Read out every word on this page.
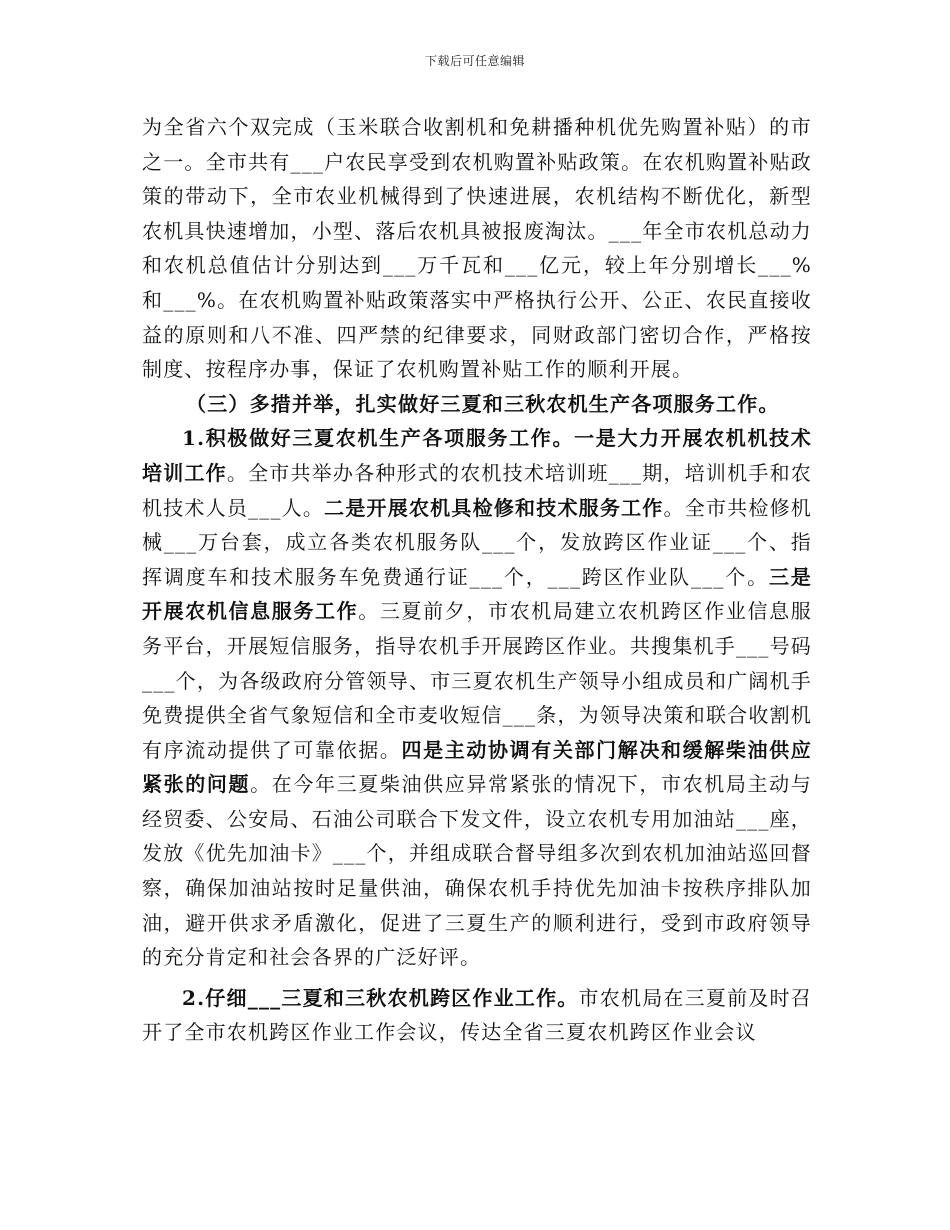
下载后可任意编辑

为全省六个双完成（玉米联合收割机和免耕播种机优先购置补贴）的市之一。全市共有___户农民享受到农机购置补贴政策。在农机购置补贴政策的带动下，全市农业机械得到了快速进展，农机结构不断优化，新型农机具快速增加，小型、落后农机具被报废淘汰。___年全市农机总动力和农机总值估计分别达到___万千瓦和___亿元，较上年分别增长___%和___%。在农机购置补贴政策落实中严格执行公开、公正、农民直接收益的原则和八不准、四严禁的纪律要求，同财政部门密切合作，严格按制度、按程序办事，保证了农机购置补贴工作的顺利开展。

（三）多措并举，扎实做好三夏和三秋农机生产各项服务工作。

1.积极做好三夏农机生产各项服务工作。一是大力开展农机机技术培训工作。全市共举办各种形式的农机技术培训班___期，培训机手和农机技术人员___人。二是开展农机具检修和技术服务工作。全市共检修机械___万台套，成立各类农机服务队___个，发放跨区作业证___个、指挥调度车和技术服务车免费通行证___个，___跨区作业队___个。三是开展农机信息服务工作。三夏前夕，市农机局建立农机跨区作业信息服务平台，开展短信服务，指导农机手开展跨区作业。共搜集机手___号码___个，为各级政府分管领导、市三夏农机生产领导小组成员和广阔机手免费提供全省气象短信和全市麦收短信___条，为领导决策和联合收割机有序流动提供了可靠依据。四是主动协调有关部门解决和缓解柴油供应紧张的问题。在今年三夏柴油供应异常紧张的情况下，市农机局主动与经贸委、公安局、石油公司联合下发文件，设立农机专用加油站___座，发放《优先加油卡》___个，并组成联合督导组多次到农机加油站巡回督察，确保加油站按时足量供油，确保农机手持优先加油卡按秩序排队加油，避开供求矛盾激化，促进了三夏生产的顺利进行，受到市政府领导的充分肯定和社会各界的广泛好评。

2.仔细___三夏和三秋农机跨区作业工作。市农机局在三夏前及时召开了全市农机跨区作业工作会议，传达全省三夏农机跨区作业会议
